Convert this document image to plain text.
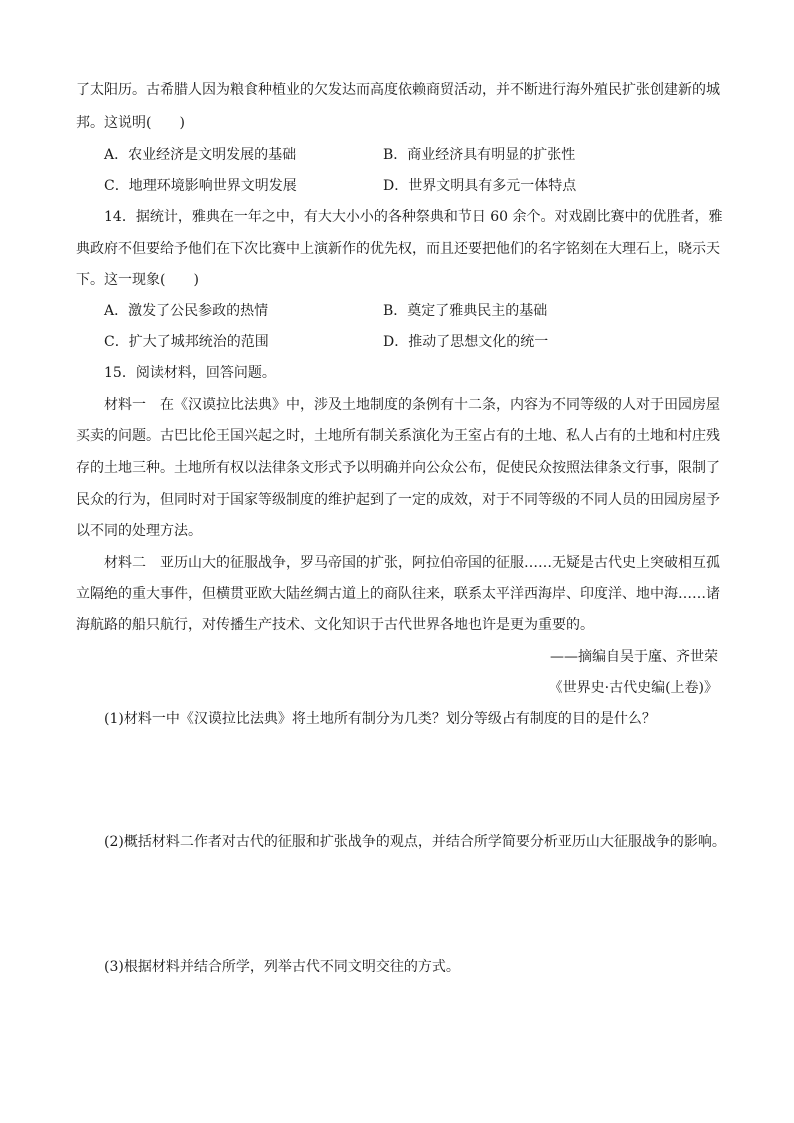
了太阳历。古希腊人因为粮食种植业的欠发达而高度依赖商贸活动，并不断进行海外殖民扩张创建新的城
邦。这说明(　　)
A．农业经济是文明发展的基础	B．商业经济具有明显的扩张性
C．地理环境影响世界文明发展	D．世界文明具有多元一体特点
14．据统计，雅典在一年之中，有大大小小的各种祭典和节日 60 余个。对戏剧比赛中的优胜者，雅
典政府不但要给予他们在下次比赛中上演新作的优先权，而且还要把他们的名字铭刻在大理石上，晓示天
下。这一现象(　　)
A．激发了公民参政的热情	B．奠定了雅典民主的基础
C．扩大了城邦统治的范围	D．推动了思想文化的统一
15．阅读材料，回答问题。
材料一　在《汉谟拉比法典》中，涉及土地制度的条例有十二条，内容为不同等级的人对于田园房屋
买卖的问题。古巴比伦王国兴起之时，土地所有制关系演化为王室占有的土地、私人占有的土地和村庄残
存的土地三种。土地所有权以法律条文形式予以明确并向公众公布，促使民众按照法律条文行事，限制了
民众的行为，但同时对于国家等级制度的维护起到了一定的成效，对于不同等级的不同人员的田园房屋予
以不同的处理方法。
材料二　亚历山大的征服战争，罗马帝国的扩张，阿拉伯帝国的征服……无疑是古代史上突破相互孤
立隔绝的重大事件，但横贯亚欧大陆丝绸古道上的商队往来，联系太平洋西海岸、印度洋、地中海……诸
海航路的船只航行，对传播生产技术、文化知识于古代世界各地也许是更为重要的。
——摘编自吴于廑、齐世荣
《世界史·古代史编(上卷)》
(1)材料一中《汉谟拉比法典》将土地所有制分为几类？划分等级占有制度的目的是什么？
(2)概括材料二作者对古代的征服和扩张战争的观点，并结合所学简要分析亚历山大征服战争的影响。
(3)根据材料并结合所学，列举古代不同文明交往的方式。
